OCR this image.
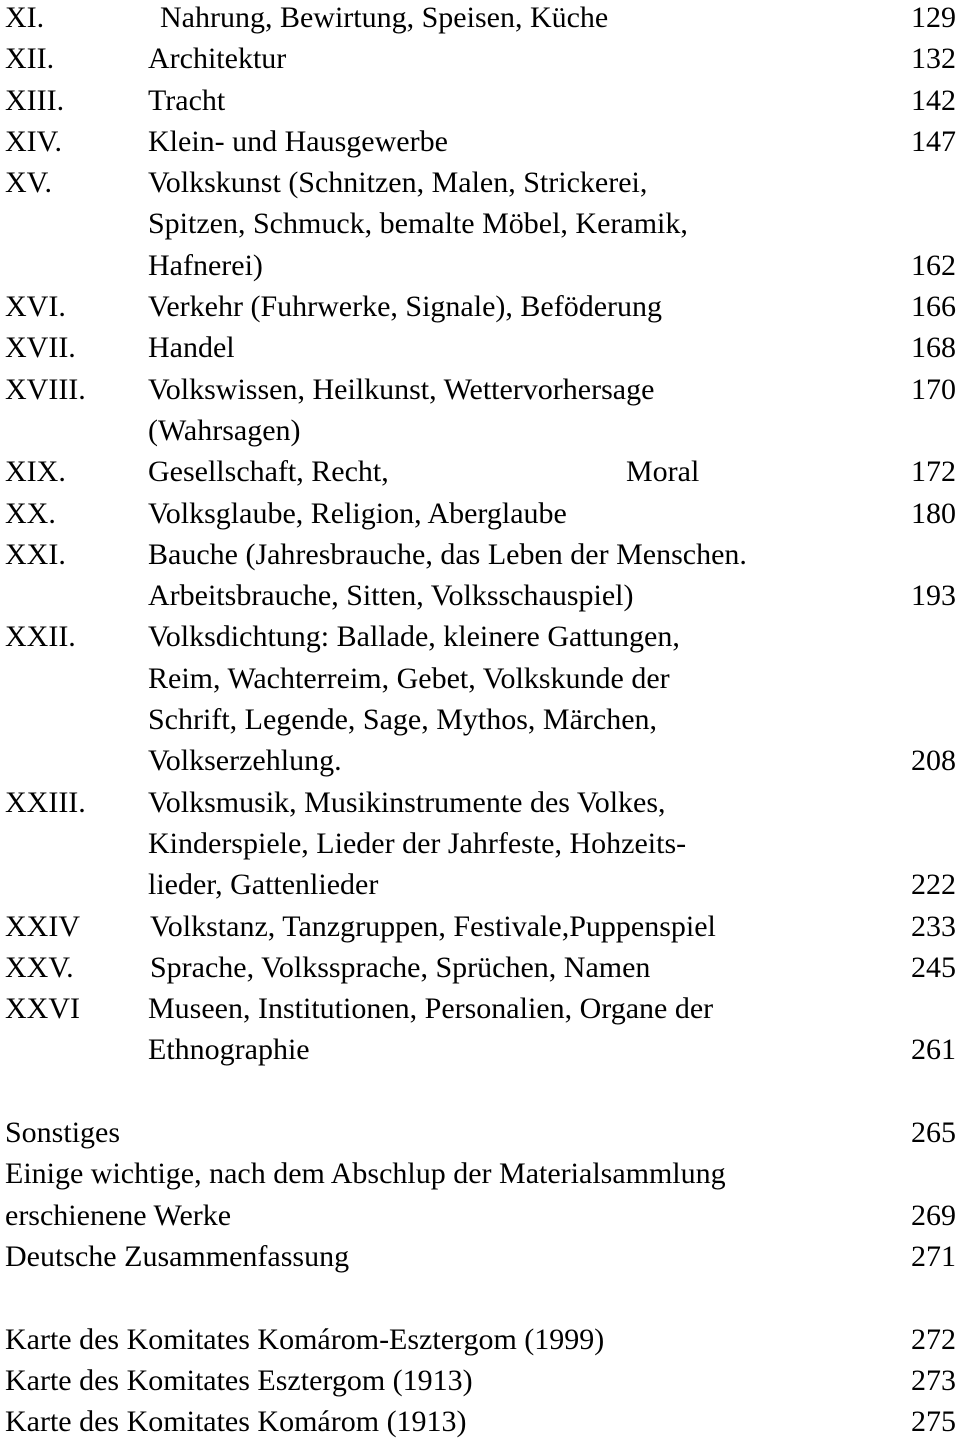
XI.	Nahrung, Bewirtung, Speisen, Küche	129
XII.	Architektur	132
XIII.	Tracht	142
XIV.	Klein- und Hausgewerbe	147
XV.	Volkskunst (Schnitzen, Malen, Strickerei,
Spitzen, Schmuck, bemalte Möbel, Keramik,
Hafnerei)	162
XVI.	Verkehr (Fuhrwerke, Signale), Beföderung	166
XVII. Handel	168
XVIII. Volkswissen, Heilkunst, Wettervorhersage	170
(Wahrsagen)
XIX.	Gesellschaft, Recht,	Moral	172
XX.	Volksglaube, Religion, Aberglaube	180
XXI.	Bauche (Jahresbrauche, das Leben der Menschen.
Arbeitsbrauche, Sitten, Volksschauspiel)	193
XXII. Volksdichtung: Ballade, kleinere Gattungen,
Reim, Wachterreim, Gebet, Volkskunde der
Schrift, Legende, Sage, Mythos, Märchen,
Volkserzehlung.	208
XXIII. Volksmusik, Musikinstrumente des Volkes,
Kinderspiele, Lieder der Jahrfeste, Hohzeits-
lieder, Gattenlieder	222
XXIV Volkstanz, Tanzgruppen, Festivale,Puppenspiel	233
XXV.	Sprache, Volkssprache, Sprüchen, Namen	245
XXVI Museen, Institutionen, Personalien, Organe der
Ethnographie	261
Sonstiges	265
Einige wichtige, nach dem Abschlup der Materialsammlung
erschienene Werke	269
Deutsche Zusammenfassung	271
Karte des Komitates Komárom-Esztergom (1999)	272
Karte des Komitates Esztergom (1913)	273
Karte des Komitates Komárom (1913)	275
